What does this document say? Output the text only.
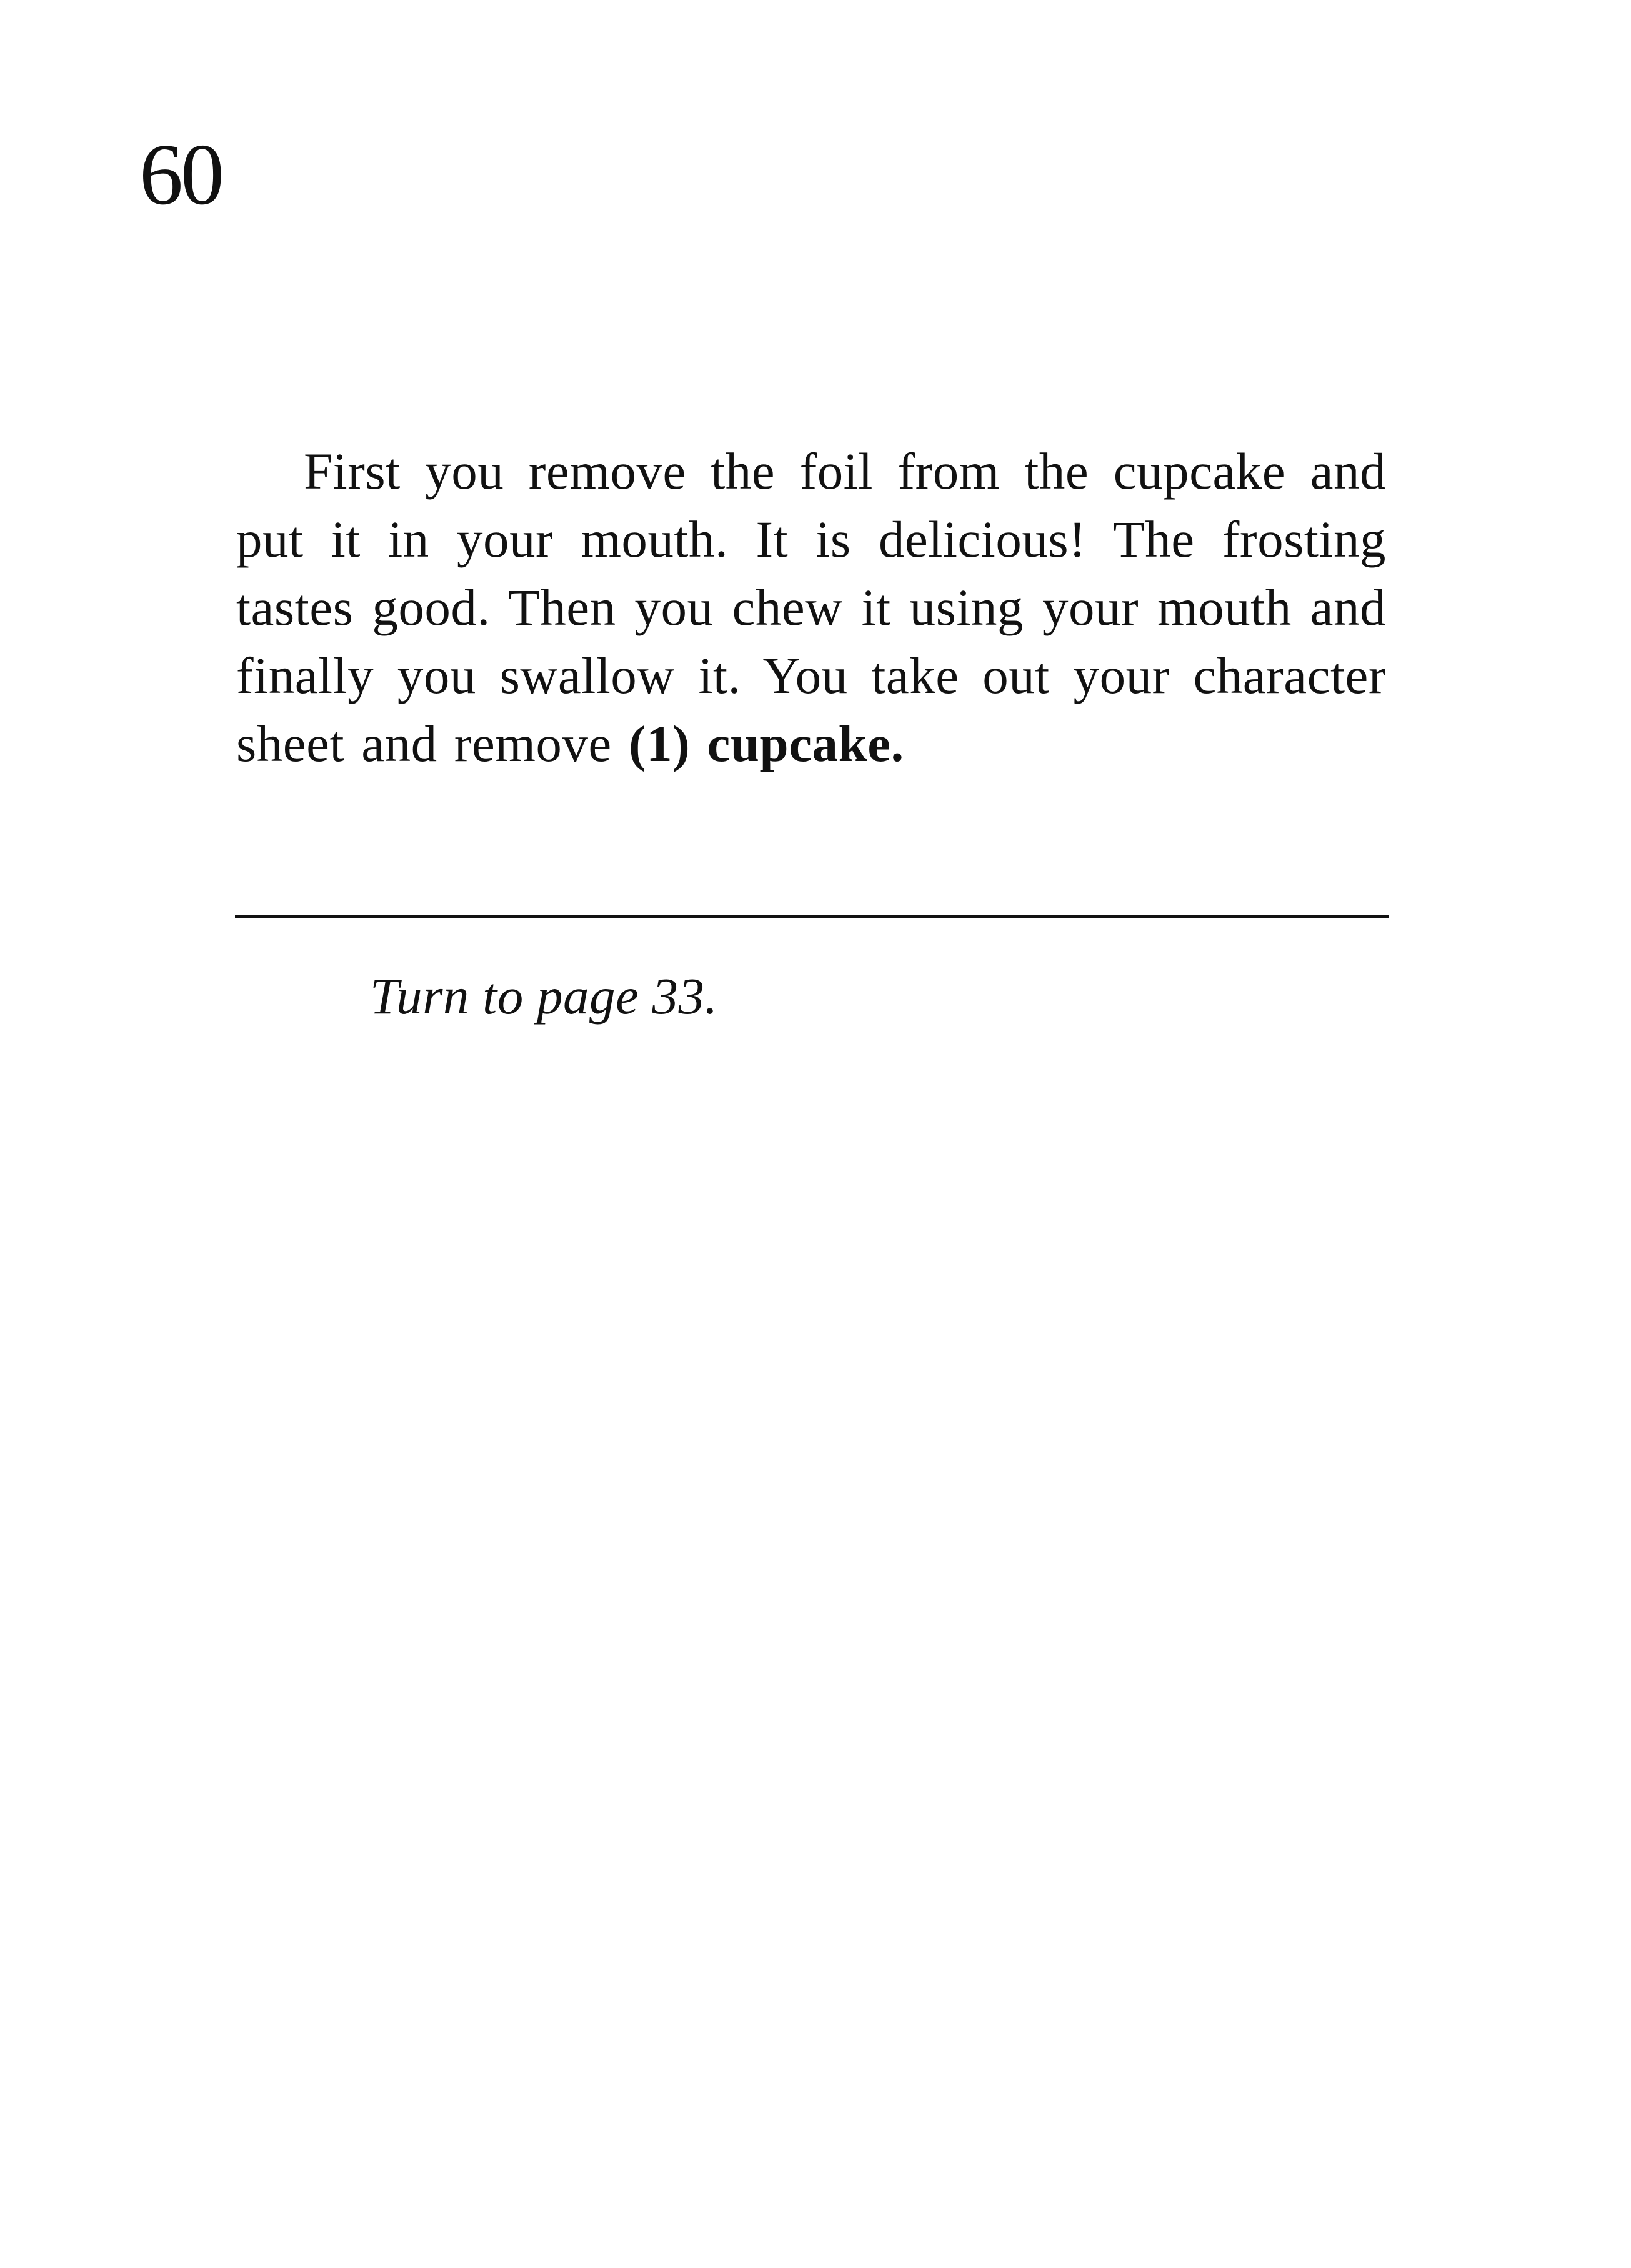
60

First you remove the foil from the cupcake and put it in your mouth. It is delicious! The frosting tastes good. Then you chew it using your mouth and finally you swallow it. You take out your character sheet and remove (1) cupcake.

Turn to page 33.
